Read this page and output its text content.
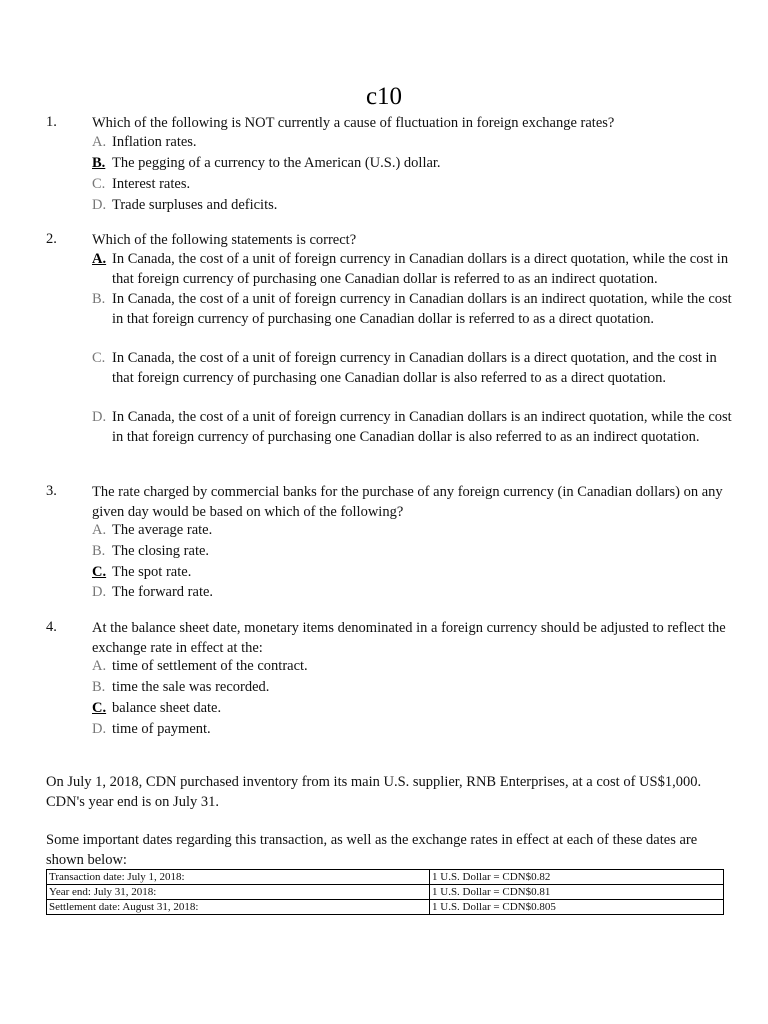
c10
1. Which of the following is NOT currently a cause of fluctuation in foreign exchange rates?
A. Inflation rates.
B. The pegging of a currency to the American (U.S.) dollar.
C. Interest rates.
D. Trade surpluses and deficits.
2. Which of the following statements is correct?
A. In Canada, the cost of a unit of foreign currency in Canadian dollars is a direct quotation, while the cost in that foreign currency of purchasing one Canadian dollar is referred to as an indirect quotation.
B. In Canada, the cost of a unit of foreign currency in Canadian dollars is an indirect quotation, while the cost in that foreign currency of purchasing one Canadian dollar is referred to as a direct quotation.
C. In Canada, the cost of a unit of foreign currency in Canadian dollars is a direct quotation, and the cost in that foreign currency of purchasing one Canadian dollar is also referred to as a direct quotation.
D. In Canada, the cost of a unit of foreign currency in Canadian dollars is an indirect quotation, while the cost in that foreign currency of purchasing one Canadian dollar is also referred to as an indirect quotation.
3. The rate charged by commercial banks for the purchase of any foreign currency (in Canadian dollars) on any given day would be based on which of the following?
A. The average rate.
B. The closing rate.
C. The spot rate.
D. The forward rate.
4. At the balance sheet date, monetary items denominated in a foreign currency should be adjusted to reflect the exchange rate in effect at the:
A. time of settlement of the contract.
B. time the sale was recorded.
C. balance sheet date.
D. time of payment.
On July 1, 2018, CDN purchased inventory from its main U.S. supplier, RNB Enterprises, at a cost of US$1,000. CDN's year end is on July 31.
Some important dates regarding this transaction, as well as the exchange rates in effect at each of these dates are shown below:
Transaction date: July 1, 2018:	1 U.S. Dollar = CDN$0.82
Year end: July 31, 2018:	1 U.S. Dollar = CDN$0.81
Settlement date: August 31, 2018:	1 U.S. Dollar = CDN$0.805
